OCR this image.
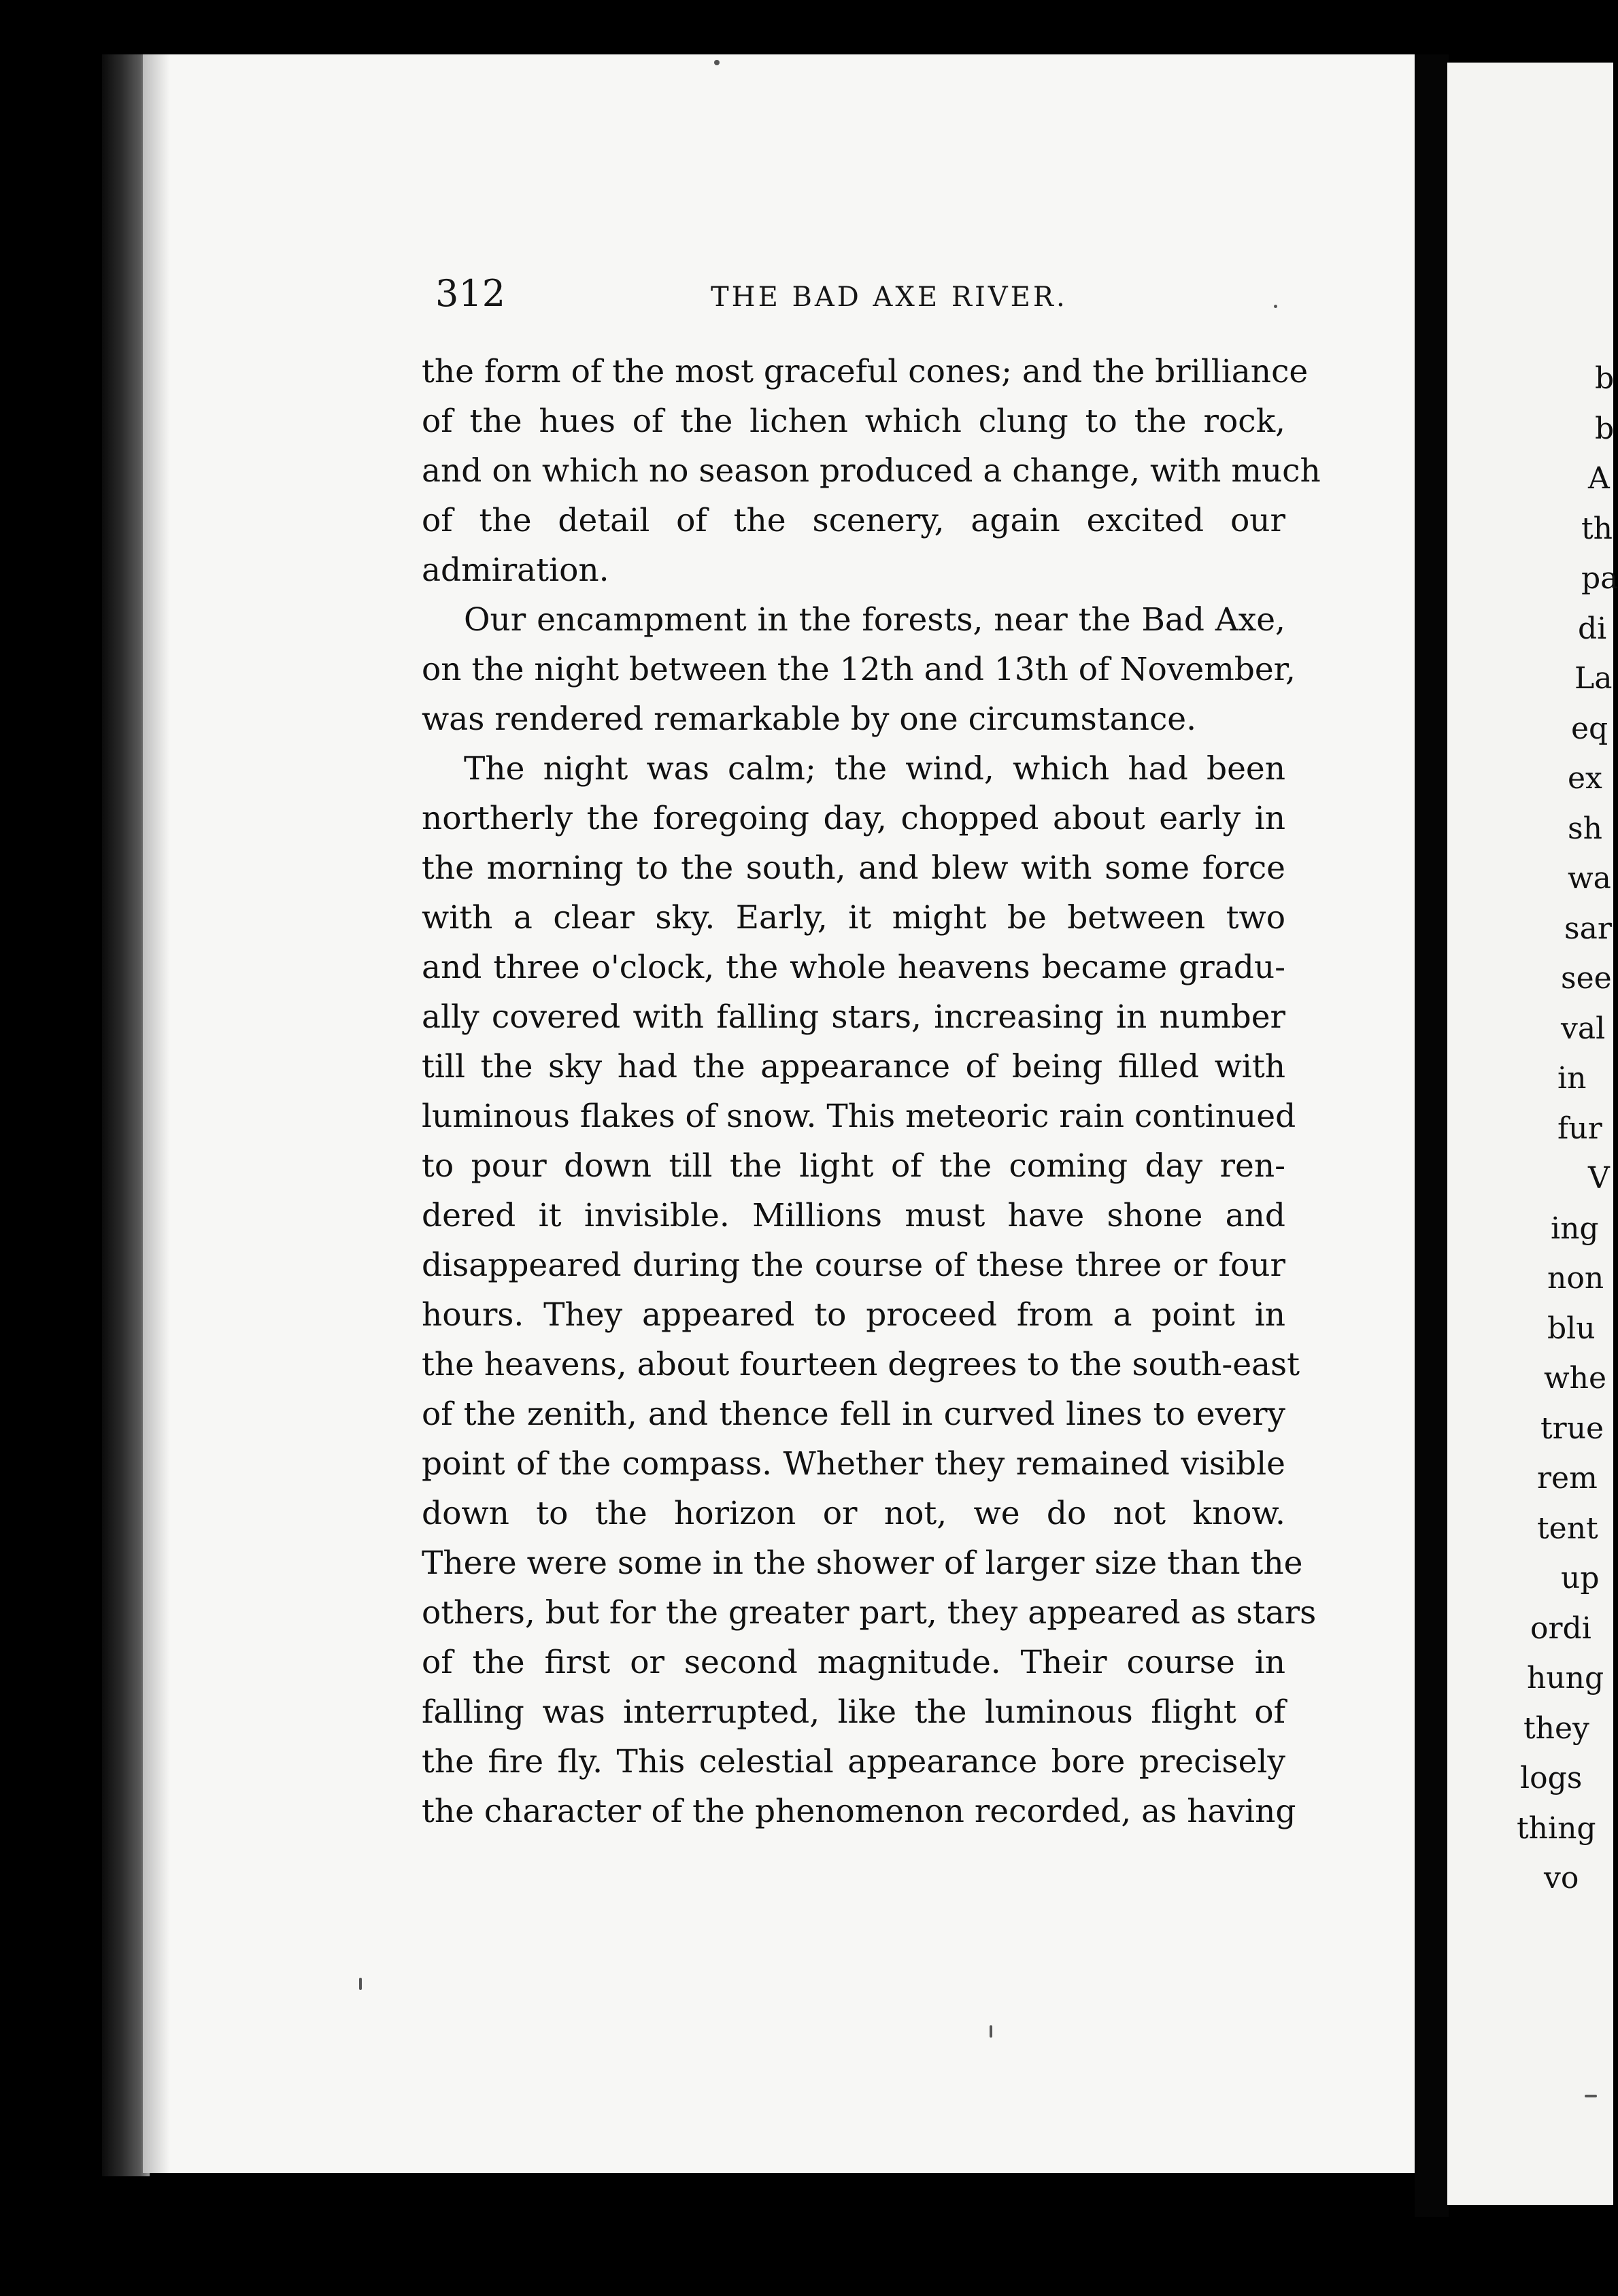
312	THE BAD AXE RIVER.
the form of the most graceful cones; and the brilliance
of the hues of the lichen which clung to the rock,
and on which no season produced a change, with much
of the detail of the scenery, again excited our
admiration.
Our encampment in the forests, near the Bad Axe,
on the night between the 12th and 13th of November,
was rendered remarkable by one circumstance.
The night was calm; the wind, which had been
northerly the foregoing day, chopped about early in
the morning to the south, and blew with some force
with a clear sky. Early, it might be between two
and three o'clock, the whole heavens became gradu-
ally covered with falling stars, increasing in number
till the sky had the appearance of being filled with
luminous flakes of snow. This meteoric rain continued
to pour down till the light of the coming day ren-
dered it invisible. Millions must have shone and
disappeared during the course of these three or four
hours. They appeared to proceed from a point in
the heavens, about fourteen degrees to the south-east
of the zenith, and thence fell in curved lines to every
point of the compass. Whether they remained visible
down to the horizon or not, we do not know.
There were some in the shower of larger size than the
others, but for the greater part, they appeared as stars
of the first or second magnitude. Their course in
falling was interrupted, like the luminous flight of
the fire fly. This celestial appearance bore precisely
the character of the phenomenon recorded, as having
b
b
A
th
pa
di
La
eq
ex
sh
wa
sar
see
val
in
fur
V
ing
non
blu
whe
true
rem
tent
up
ordi
hung
they
logs
thing
vo
